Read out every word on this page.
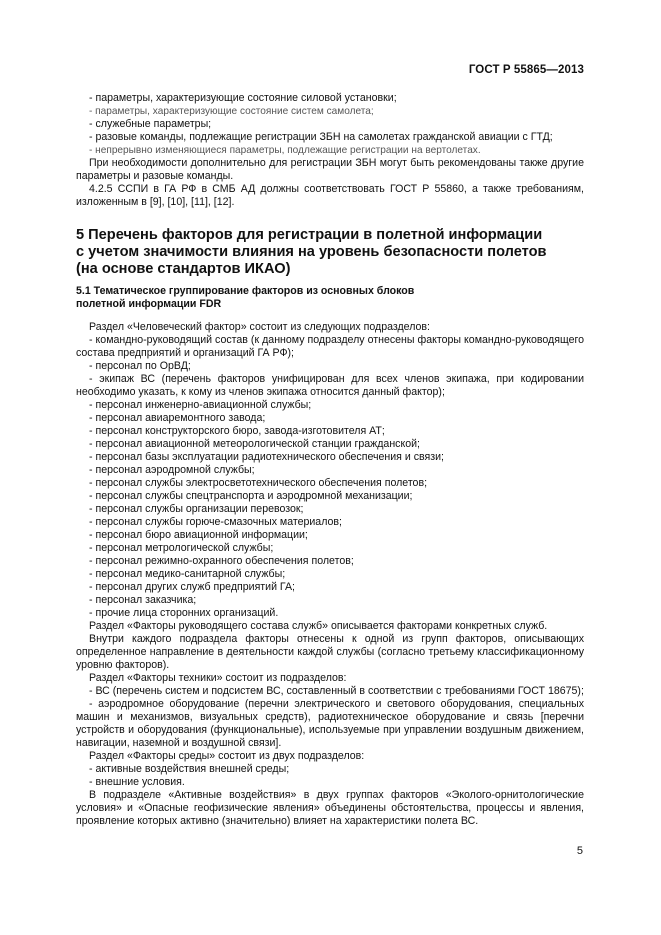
ГОСТ Р 55865—2013

- параметры, характеризующие состояние силовой установки;

- параметры, характеризующие состояние систем самолета;

- служебные параметры;

- разовые команды, подлежащие регистрации ЗБН на самолетах гражданской авиации с ГТД;

- непрерывно изменяющиеся параметры, подлежащие регистрации на вертолетах.

При необходимости дополнительно для регистрации ЗБН могут быть рекомендованы также другие параметры и разовые команды.

4.2.5 ССПИ в ГА РФ в СМБ АД должны соответствовать ГОСТ Р 55860, а также требованиям, изложенным в [9], [10], [11], [12].

5 Перечень факторов для регистрации в полетной информации
с учетом значимости влияния на уровень безопасности полетов
(на основе стандартов ИКАО)
5.1 Тематическое группирование факторов из основных блоков
полетной информации FDR

Раздел «Человеческий фактор» состоит из следующих подразделов:

- командно-руководящий состав (к данному подразделу отнесены факторы командно-руководящего состава предприятий и организаций ГА РФ);

- персонал по ОрВД;

- экипаж ВС (перечень факторов унифицирован для всех членов экипажа, при кодировании необходимо указать, к кому из членов экипажа относится данный фактор);

- персонал инженерно-авиационной службы;

- персонал авиаремонтного завода;

- персонал конструкторского бюро, завода-изготовителя АТ;

- персонал авиационной метеорологической станции гражданской;

- персонал базы эксплуатации радиотехнического обеспечения и связи;

- персонал аэродромной службы;

- персонал службы электросветотехнического обеспечения полетов;

- персонал службы спецтранспорта и аэродромной механизации;

- персонал службы организации перевозок;

- персонал службы горюче-смазочных материалов;

- персонал бюро авиационной информации;

- персонал метрологической службы;

- персонал режимно-охранного обеспечения полетов;

- персонал медико-санитарной службы;

- персонал других служб предприятий ГА;

- персонал заказчика;

- прочие лица сторонних организаций.

Раздел «Факторы руководящего состава служб» описывается факторами конкретных служб.

Внутри каждого подраздела факторы отнесены к одной из групп факторов, описывающих определенное направление в деятельности каждой службы (согласно третьему классификационному уровню факторов).

Раздел «Факторы техники» состоит из подразделов:

- ВС (перечень систем и подсистем ВС, составленный в соответствии с требованиями ГОСТ 18675);

- аэродромное оборудование (перечни электрического и светового оборудования, специальных машин и механизмов, визуальных средств), радиотехническое оборудование и связь [перечни устройств и оборудования (функциональные), используемые при управлении воздушным движением, навигации, наземной и воздушной связи].

Раздел «Факторы среды» состоит из двух подразделов:

- активные воздействия внешней среды;

- внешние условия.

В подразделе «Активные воздействия» в двух группах факторов «Эколого-орнитологические условия» и «Опасные геофизические явления» объединены обстоятельства, процессы и явления, проявление которых активно (значительно) влияет на характеристики полета ВС.

5
